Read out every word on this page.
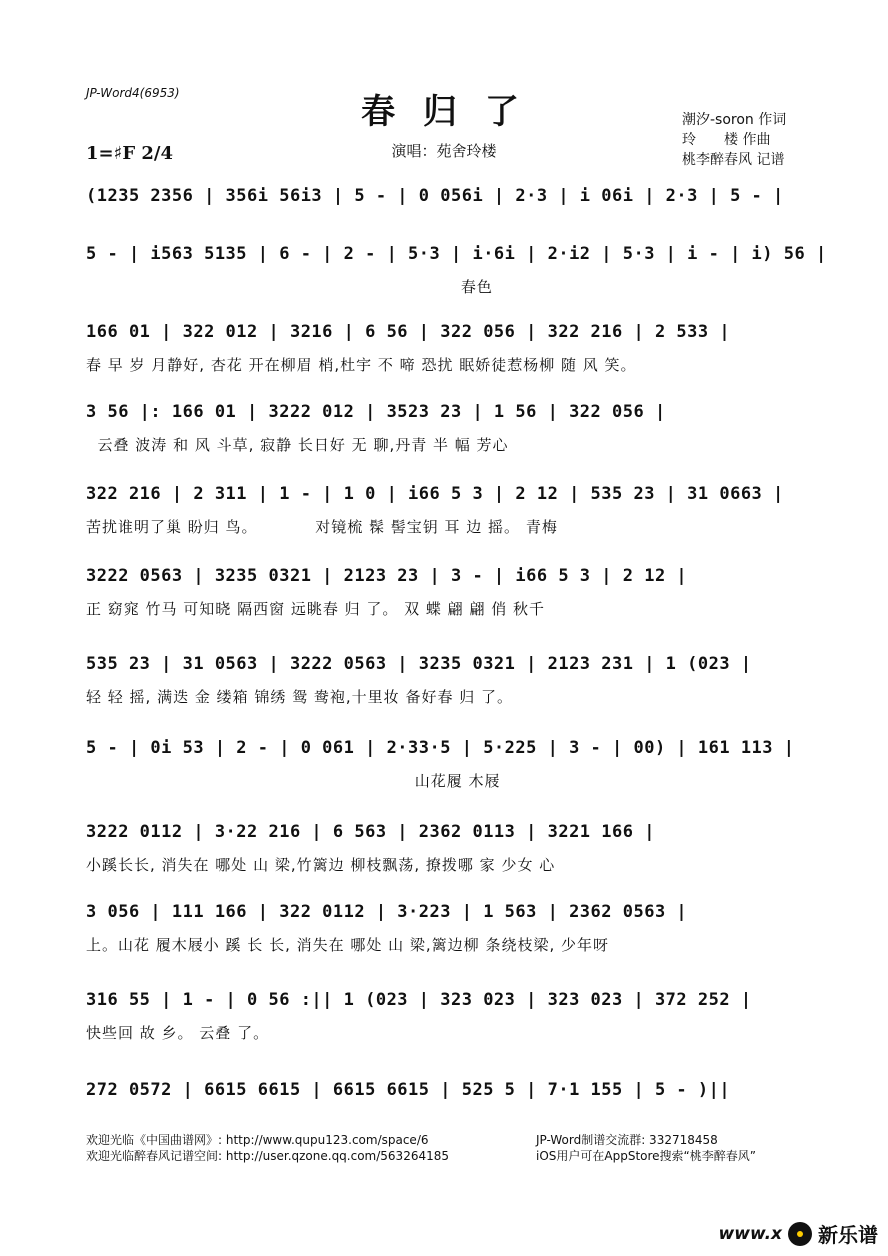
JP-Word4(6953)	春 归 了
演唱：苑舍玲楼
1=♯F 2/4
潮汐-soron 作词
玲　　楼 作曲
桃李醉春风 记谱
(1235 2356 | 356i 56i3 | 5 - | 0 056i | 2·3 | i 06i | 2·3 | 5 - |
5 - | i563 5135 | 6 - | 2 - | 5·3 | i·6i | 2·i2 | 5·3 | i - | i) 56 |
春色
166 01 | 322 012 | 3216 | 6 56 | 322 056 | 322 216 | 2 533 |
春 早 岁 月静好, 杏花 开在柳眉 梢,杜宇 不 啼 恐扰 眠娇徒惹杨柳 随 风 笑。
3 56 |: 166 01 | 3222 012 | 3523 23 | 1 56 | 322 056 |
云叠 波涛 和 风 斗草, 寂静 长日好 无 聊,丹青 半 幅 芳心
322 216 | 2 311 | 1 - | 1 0 | i66 5 3 | 2 12 | 535 23 | 31 0663 |
苦扰谁明了巢 盼归 鸟。          对镜梳 髹 髻宝钥 耳 边 摇。 青梅
3222 0563 | 3235 0321 | 2123 23 | 3 - | i66 5 3 | 2 12 |
正 窈窕 竹马 可知晓 隔西窗 远眺春 归 了。 双 蝶 翩 翩 俏 秋千
535 23 | 31 0563 | 3222 0563 | 3235 0321 | 2123 231 | 1 (023 |
轻 轻 摇, 满迭 金 缕箱 锦绣 鸳 鸯袍,十里妆 备好春 归 了。
5 - | 0i 53 | 2 - | 0 061 | 2·33·5 | 5·225 | 3 - | 00) | 161 113 |
山花履 木屐
3222 0112 | 3·22 216 | 6 563 | 2362 0113 | 3221 166 |
小蹊长长, 消失在 哪处 山 梁,竹篱边 柳枝飘荡, 撩拨哪 家 少女 心
3 056 | 111 166 | 322 0112 | 3·223 | 1 563 | 2362 0563 |
上。山花 履木屐小 蹊 长 长, 消失在 哪处 山 梁,篱边柳 条绕枝梁, 少年呀
316 55 | 1 - | 0 56 :|| 1 (023 | 323 023 | 323 023 | 372 252 |
快些回 故 乡。 云叠 了。
272 0572 | 6615 6615 | 6615 6615 | 525 5 | 7·1 155 | 5 - )||
欢迎光临《中国曲谱网》: http://www.qupu123.com/space/6
欢迎光临醉春风记谱空间: http://user.qzone.qq.com/563264185
JP-Word制谱交流群: 332718458
iOS用户可在AppStore搜索“桃李醉春风”
www.x 新乐谱
